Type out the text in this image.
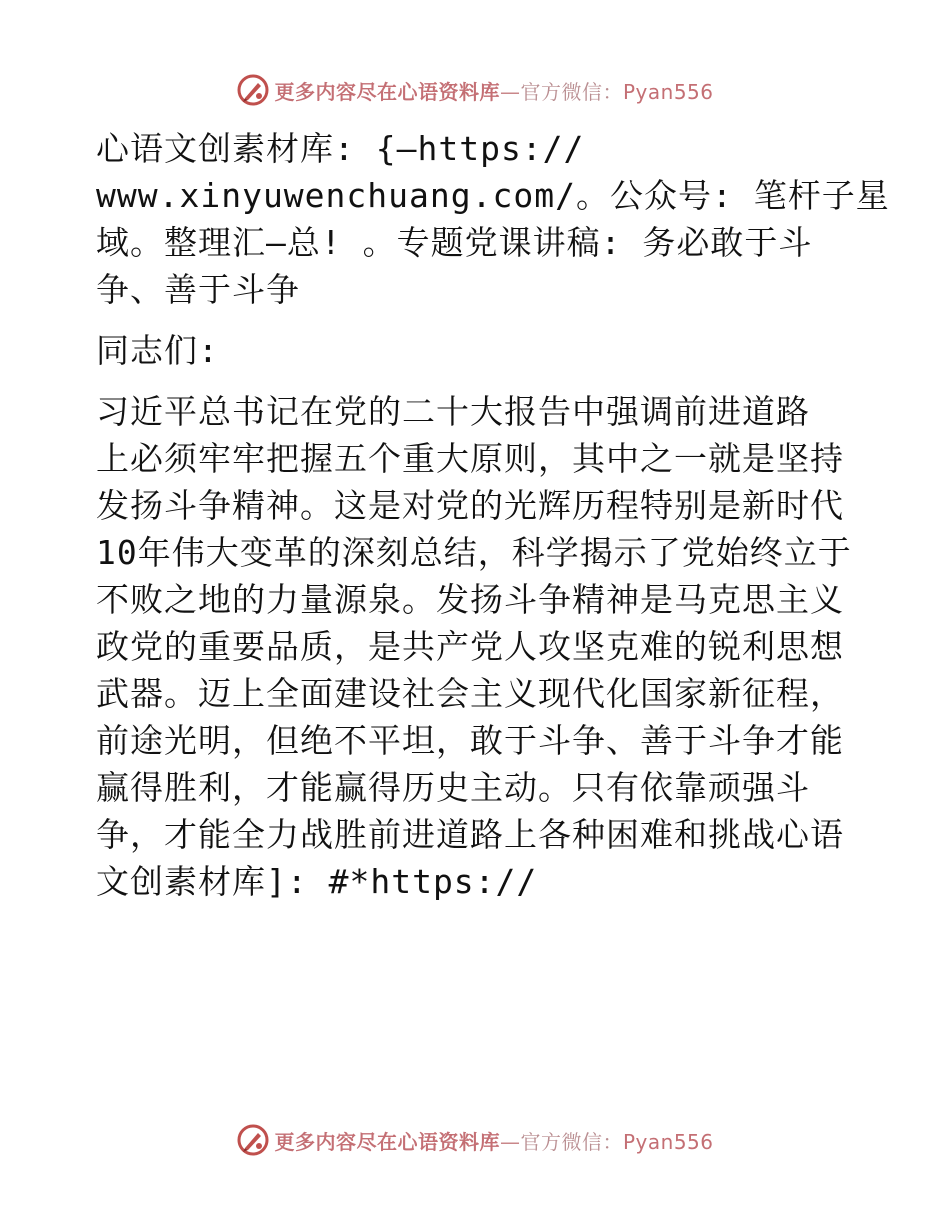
更多内容尽在心语资料库—官方微信：Pyan556
心语文创素材库: {—https://
www.xinyuwenchuang.com/。公众号: 笔杆子星
域。整理汇—总! 。专题党课讲稿: 务必敢于斗
争、善于斗争
同志们:
习近平总书记在党的二十大报告中强调前进道路
上必须牢牢把握五个重大原则，其中之一就是坚持
发扬斗争精神。这是对党的光辉历程特别是新时代
10年伟大变革的深刻总结，科学揭示了党始终立于
不败之地的力量源泉。发扬斗争精神是马克思主义
政党的重要品质，是共产党人攻坚克难的锐利思想
武器。迈上全面建设社会主义现代化国家新征程，
前途光明，但绝不平坦，敢于斗争、善于斗争才能
赢得胜利，才能赢得历史主动。只有依靠顽强斗
争，才能全力战胜前进道路上各种困难和挑战心语
文创素材库]: #*https://
更多内容尽在心语资料库—官方微信：Pyan556
